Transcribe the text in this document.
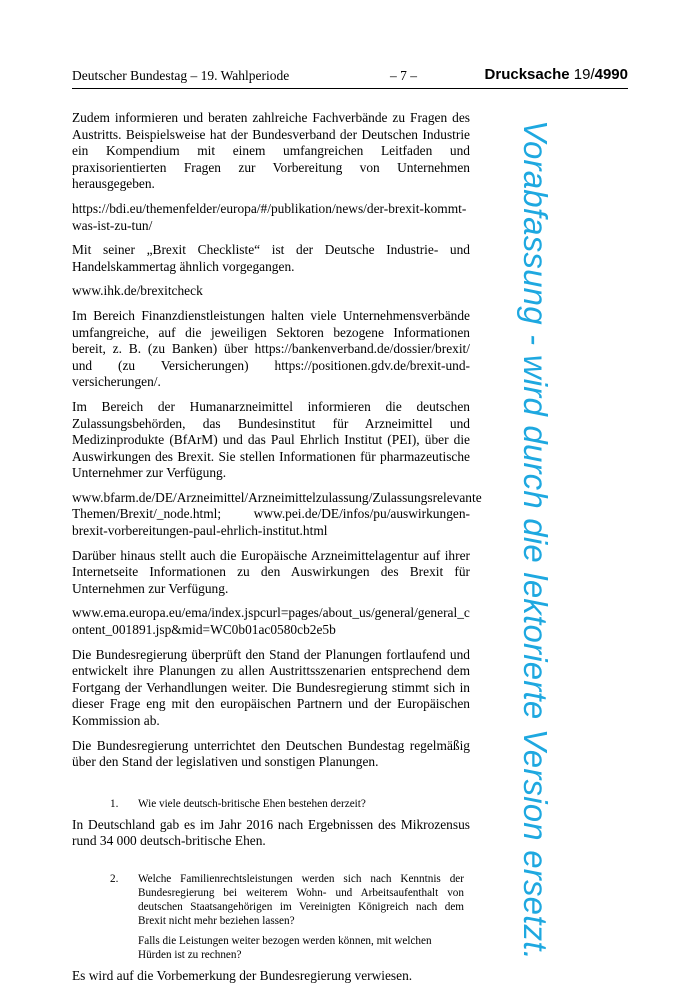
Deutscher Bundestag – 19. Wahlperiode	– 7 –	Drucksache 19/4990

Zudem informieren und beraten zahlreiche Fachverbände zu Fragen des Austritts. Beispielsweise hat der Bundesverband der Deutschen Industrie ein Kompendium mit einem umfangreichen Leitfaden und praxisorientierten Fragen zur Vorbereitung von Unternehmen herausgegeben.

https://bdi.eu/themenfelder/europa/#/publikation/news/der-brexit-kommt-was-ist-zu-tun/

Mit seiner „Brexit Checkliste“ ist der Deutsche Industrie- und Handelskammertag ähnlich vorgegangen.

www.ihk.de/brexitcheck

Im Bereich Finanzdienstleistungen halten viele Unternehmensverbände umfangreiche, auf die jeweiligen Sektoren bezogene Informationen bereit, z. B. (zu Banken) über https://bankenverband.de/dossier/brexit/ und (zu Versicherungen) https://positionen.gdv.de/brexit-und-versicherungen/.

Im Bereich der Humanarzneimittel informieren die deutschen Zulassungsbehörden, das Bundesinstitut für Arzneimittel und Medizinprodukte (BfArM) und das Paul Ehrlich Institut (PEI), über die Auswirkungen des Brexit. Sie stellen Informationen für pharmazeutische Unternehmer zur Verfügung.

www.bfarm.de/DE/Arzneimittel/Arzneimittelzulassung/Zulassungsrelevante Themen/Brexit/_node.html; www.pei.de/DE/infos/pu/auswirkungen-brexit-vorbereitungen-paul-ehrlich-institut.html

Darüber hinaus stellt auch die Europäische Arzneimittelagentur auf ihrer Internetseite Informationen zu den Auswirkungen des Brexit für Unternehmen zur Verfügung.

www.ema.europa.eu/ema/index.jspcurl=pages/about_us/general/general_content_001891.jsp&mid=WC0b01ac0580cb2e5b

Die Bundesregierung überprüft den Stand der Planungen fortlaufend und entwickelt ihre Planungen zu allen Austrittsszenarien entsprechend dem Fortgang der Verhandlungen weiter. Die Bundesregierung stimmt sich in dieser Frage eng mit den europäischen Partnern und der Europäischen Kommission ab.

Die Bundesregierung unterrichtet den Deutschen Bundestag regelmäßig über den Stand der legislativen und sonstigen Planungen.

1.	Wie viele deutsch-britische Ehen bestehen derzeit?

In Deutschland gab es im Jahr 2016 nach Ergebnissen des Mikrozensus rund 34 000 deutsch-britische Ehen.

2.	Welche Familienrechtsleistungen werden sich nach Kenntnis der Bundesregierung bei weiterem Wohn- und Arbeitsaufenthalt von deutschen Staatsangehörigen im Vereinigten Königreich nach dem Brexit nicht mehr beziehen lassen?
Falls die Leistungen weiter bezogen werden können, mit welchen Hürden ist zu rechnen?

Es wird auf die Vorbemerkung der Bundesregierung verwiesen.

Vorabfassung - wird durch die lektorierte Version ersetzt.
